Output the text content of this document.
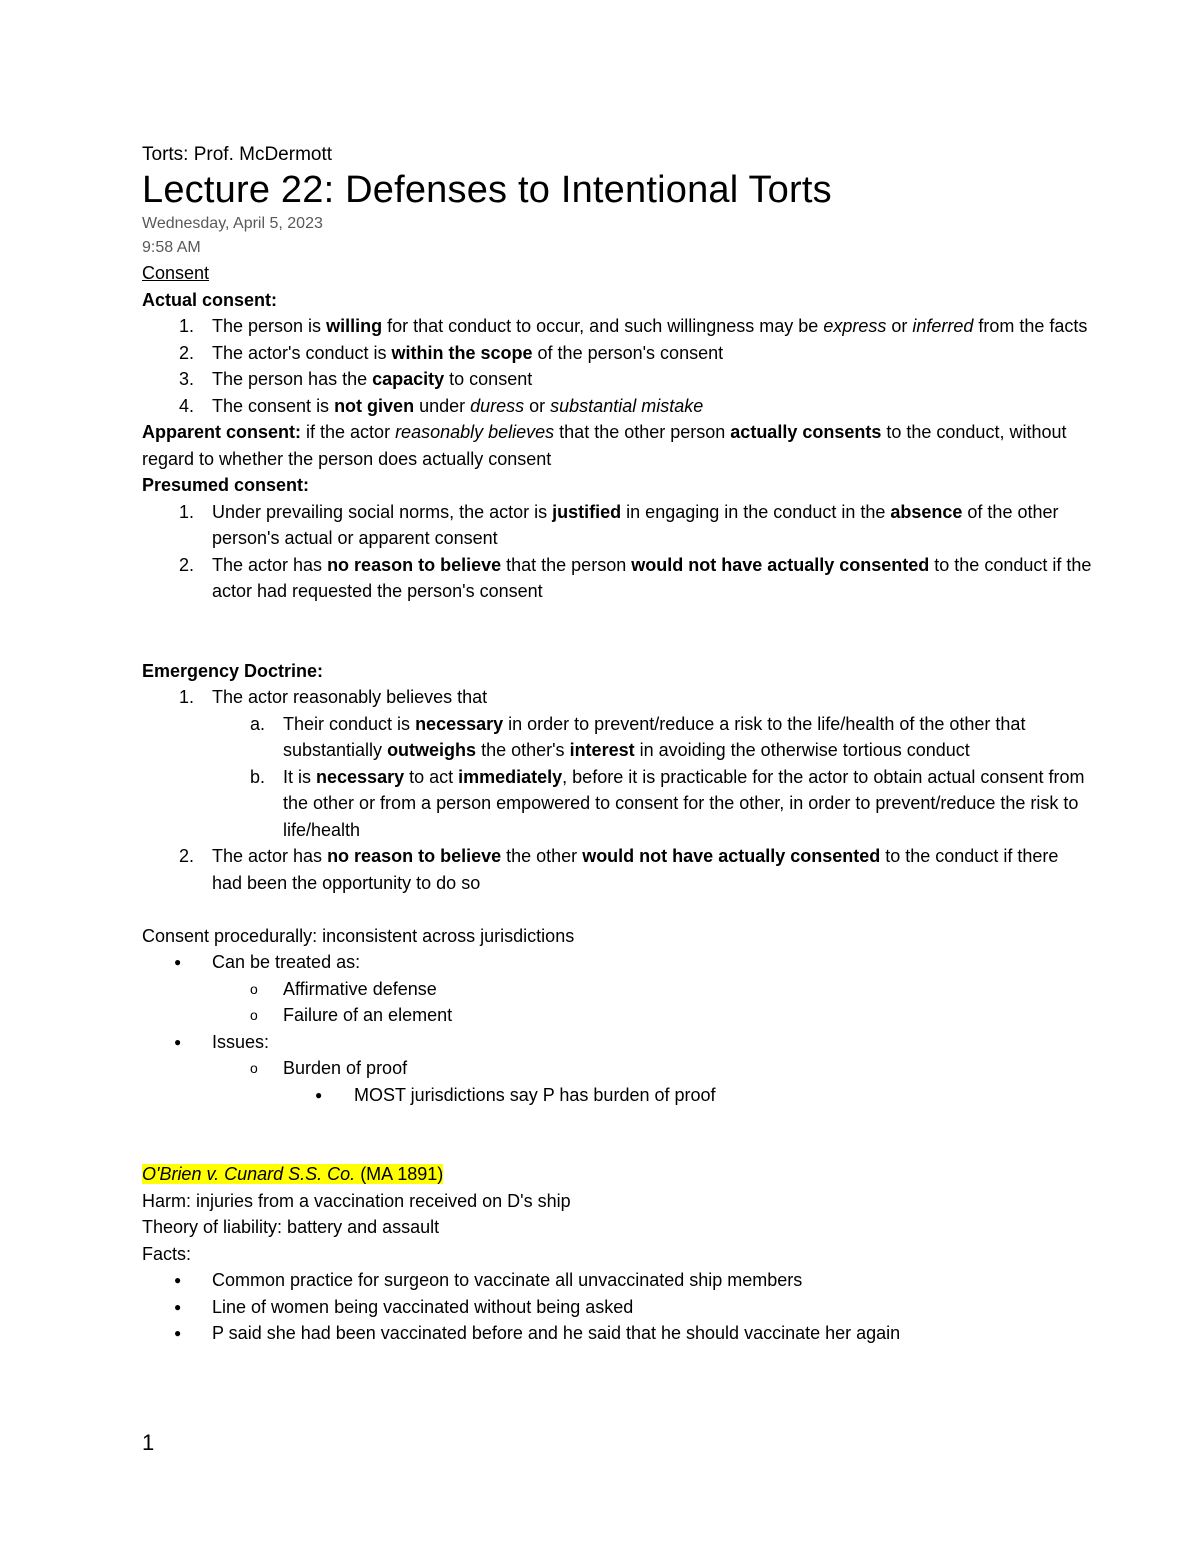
Torts: Prof. McDermott
Lecture 22: Defenses to Intentional Torts
Wednesday, April 5, 2023
9:58 AM
Consent
Actual consent:
1. The person is willing for that conduct to occur, and such willingness may be express or inferred from the facts
2. The actor's conduct is within the scope of the person's consent
3. The person has the capacity to consent
4. The consent is not given under duress or substantial mistake
Apparent consent: if the actor reasonably believes that the other person actually consents to the conduct, without regard to whether the person does actually consent
Presumed consent:
1. Under prevailing social norms, the actor is justified in engaging in the conduct in the absence of the other person's actual or apparent consent
2. The actor has no reason to believe that the person would not have actually consented to the conduct if the actor had requested the person's consent
Emergency Doctrine:
1. The actor reasonably believes that
a. Their conduct is necessary in order to prevent/reduce a risk to the life/health of the other that substantially outweighs the other's interest in avoiding the otherwise tortious conduct
b. It is necessary to act immediately, before it is practicable for the actor to obtain actual consent from the other or from a person empowered to consent for the other, in order to prevent/reduce the risk to life/health
2. The actor has no reason to believe the other would not have actually consented to the conduct if there had been the opportunity to do so
Consent procedurally: inconsistent across jurisdictions
● Can be treated as:
o Affirmative defense
o Failure of an element
● Issues:
o Burden of proof
● MOST jurisdictions say P has burden of proof
O'Brien v. Cunard S.S. Co. (MA 1891)
Harm: injuries from a vaccination received on D's ship
Theory of liability: battery and assault
Facts:
● Common practice for surgeon to vaccinate all unvaccinated ship members
● Line of women being vaccinated without being asked
● P said she had been vaccinated before and he said that he should vaccinate her again
1
